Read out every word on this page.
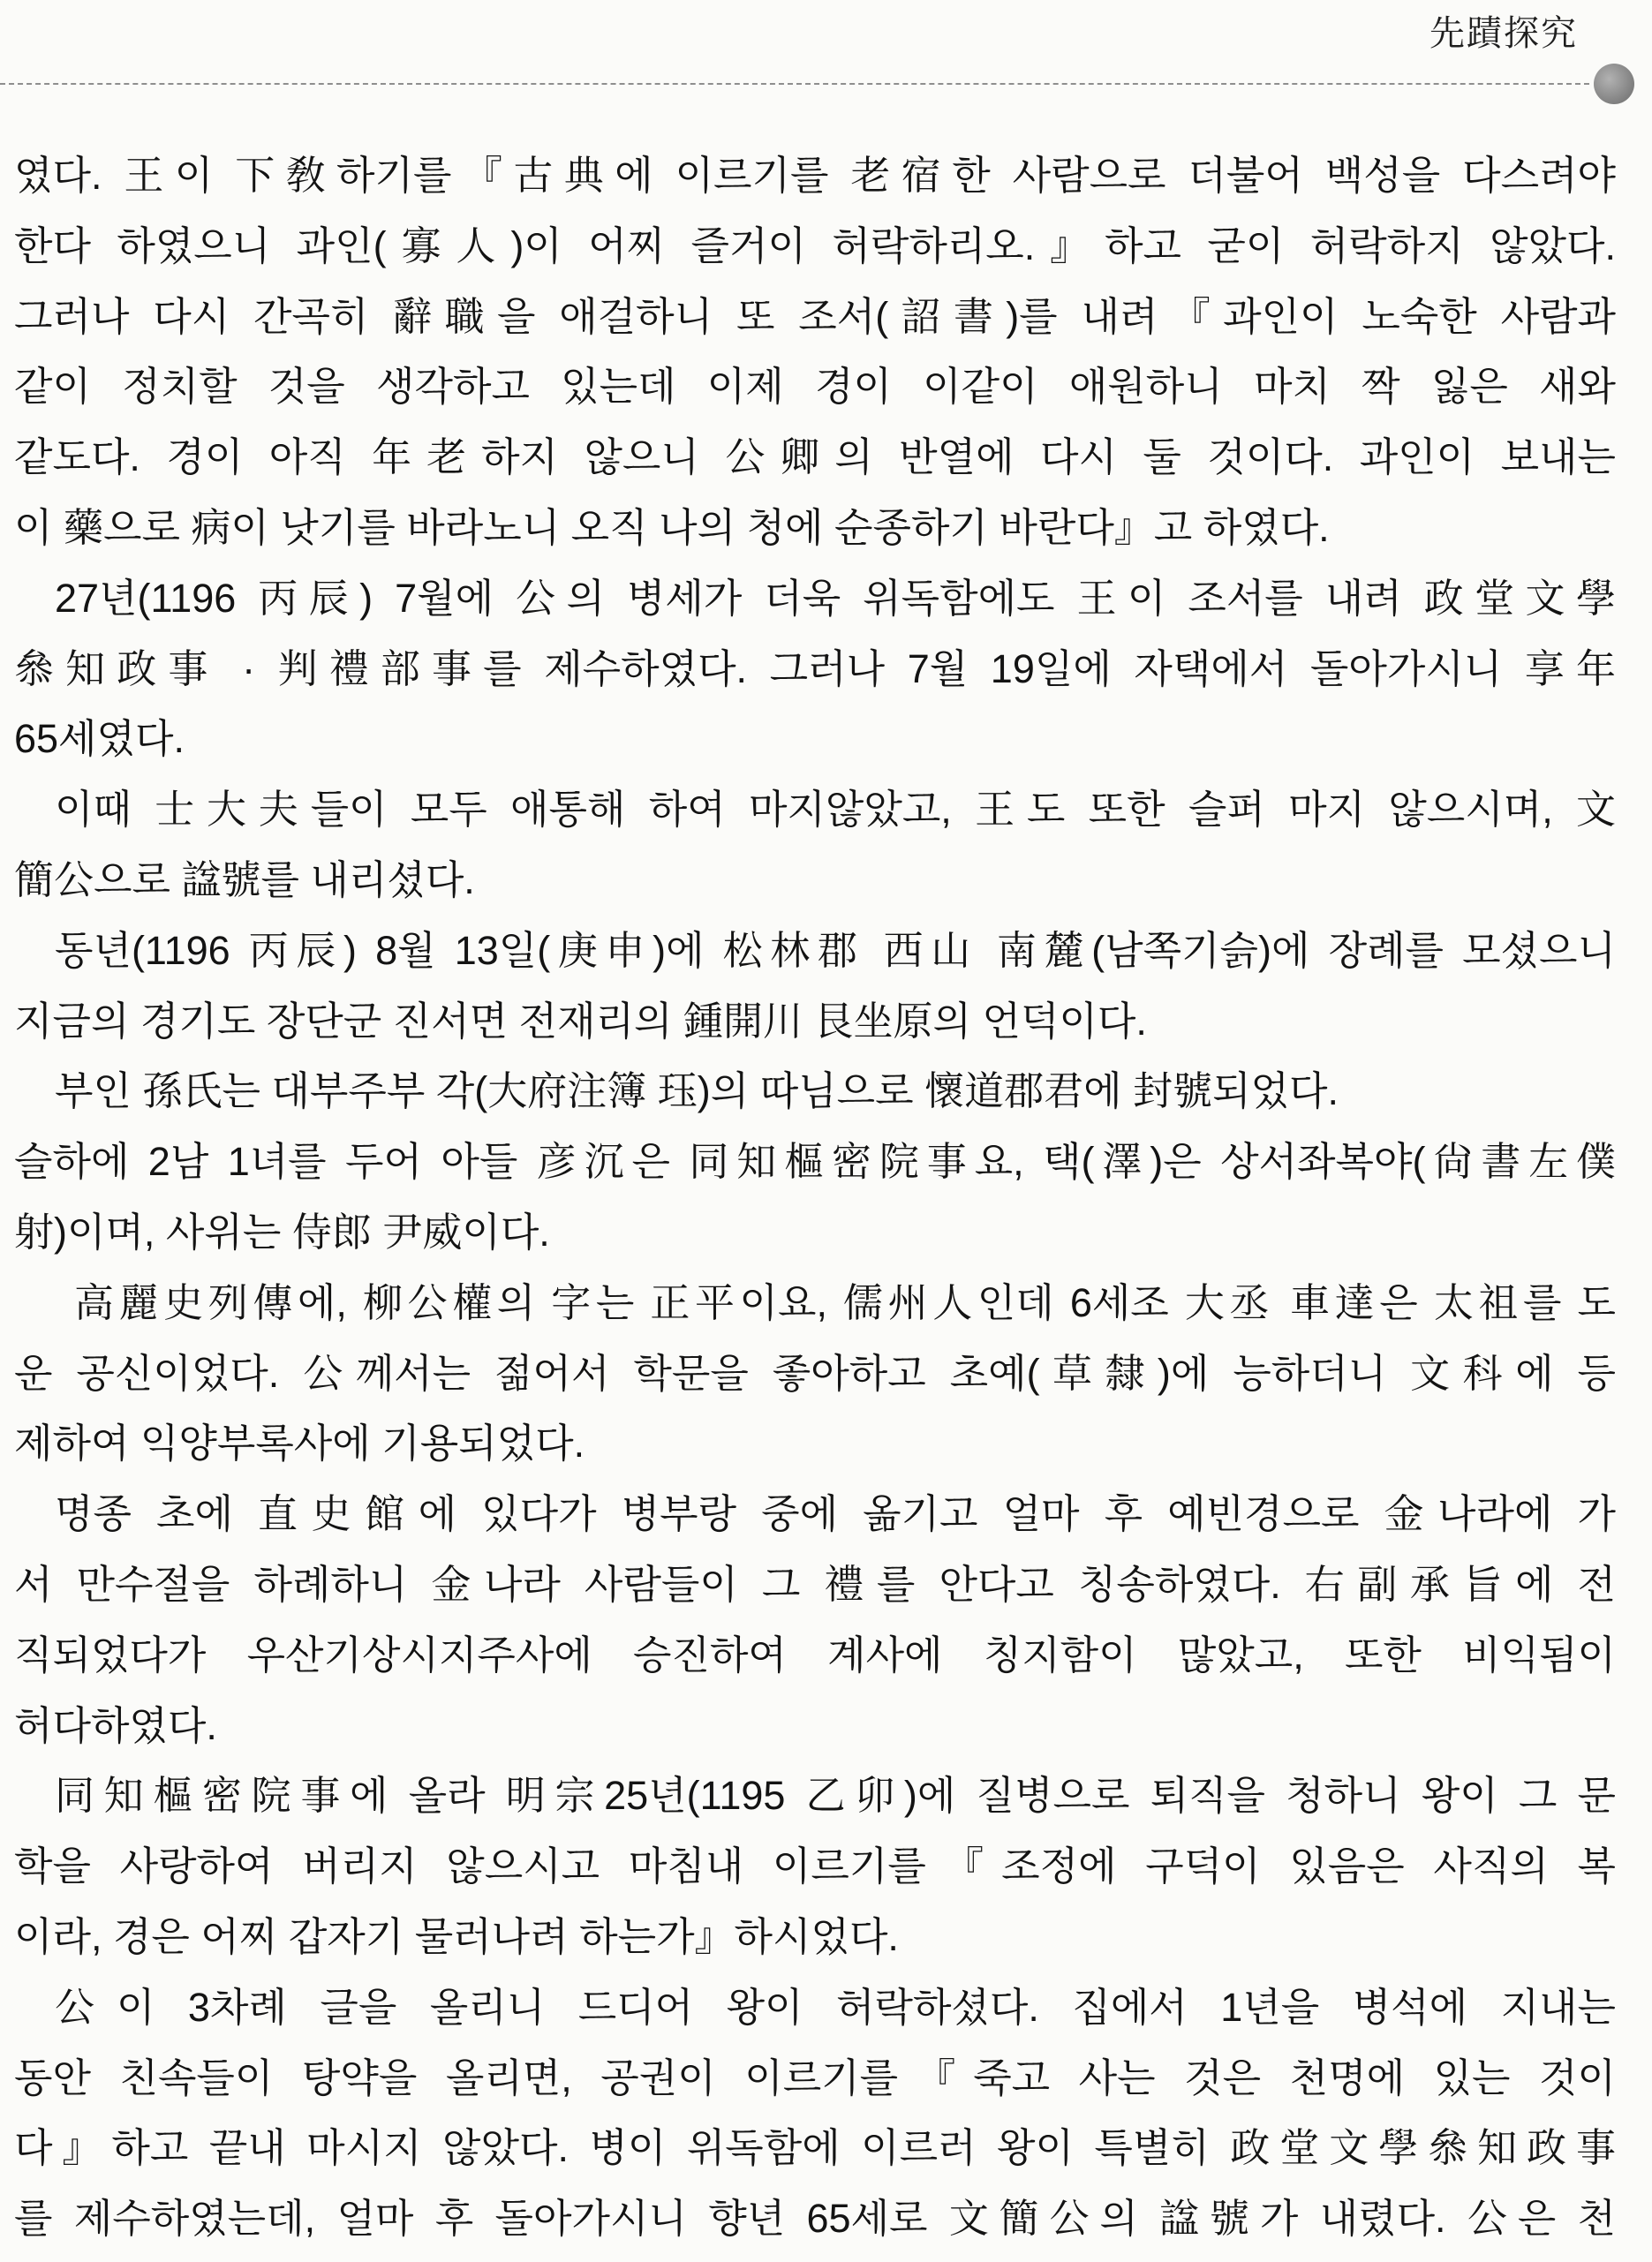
先蹟探究
였다. 王이 下敎하기를『古典에 이르기를 老宿한 사람으로 더불어 백성을 다스려야
한다 하였으니 과인(寡人)이 어찌 즐거이 허락하리오.』하고 굳이 허락하지 않았다.
그러나 다시 간곡히 辭職을 애걸하니 또 조서(詔書)를 내려『과인이 노숙한 사람과
같이 정치할 것을 생각하고 있는데 이제 경이 이같이 애원하니 마치 짝 잃은 새와
같도다. 경이 아직 年老하지 않으니 公卿의 반열에 다시 둘 것이다. 과인이 보내는
이 藥으로 病이 낫기를 바라노니 오직 나의 청에 순종하기 바란다』고 하였다.
27년(1196 丙辰) 7월에 公의 병세가 더욱 위독함에도 王이 조서를 내려 政堂文學
叅知政事 · 判禮部事를 제수하였다. 그러나 7월 19일에 자택에서 돌아가시니 享年
65세였다.
이때 士大夫들이 모두 애통해 하여 마지않았고, 王도 또한 슬퍼 마지 않으시며, 文
簡公으로 諡號를 내리셨다.
동년(1196 丙辰) 8월 13일(庚申)에 松林郡 西山 南麓(남쪽기슭)에 장례를 모셨으니
지금의 경기도 장단군 진서면 전재리의 鍾開川 艮坐原의 언덕이다.
부인 孫氏는 대부주부 각(大府注簿 珏)의 따님으로 懷道郡君에 封號되었다.
슬하에 2남 1녀를 두어 아들 彦沉은 同知樞密院事요, 택(澤)은 상서좌복야(尙書左僕
射)이며, 사위는 侍郎 尹威이다.
高麗史列傳에, 柳公權의 字는 正平이요, 儒州人인데 6세조 大丞 車達은 太祖를 도
운 공신이었다. 公께서는 젊어서 학문을 좋아하고 초예(草隸)에 능하더니 文科에 등
제하여 익양부록사에 기용되었다.
명종 초에 直史館에 있다가 병부랑 중에 옮기고 얼마 후 예빈경으로 金나라에 가
서 만수절을 하례하니 金나라 사람들이 그 禮를 안다고 칭송하였다. 右副承旨에 전
직되었다가 우산기상시지주사에 승진하여 계사에 칭지함이 많았고, 또한 비익됨이
허다하였다.
同知樞密院事에 올라 明宗25년(1195 乙卯)에 질병으로 퇴직을 청하니 왕이 그 문
학을 사랑하여 버리지 않으시고 마침내 이르기를『조정에 구덕이 있음은 사직의 복
이라, 경은 어찌 갑자기 물러나려 하는가』하시었다.
公이 3차례 글을 올리니 드디어 왕이 허락하셨다. 집에서 1년을 병석에 지내는
동안 친속들이 탕약을 올리면, 공권이 이르기를『죽고 사는 것은 천명에 있는 것이
다』하고 끝내 마시지 않았다. 병이 위독함에 이르러 왕이 특별히 政堂文學叅知政事
를 제수하였는데, 얼마 후 돌아가시니 향년 65세로 文簡公의 諡號가 내렸다. 公은 천
